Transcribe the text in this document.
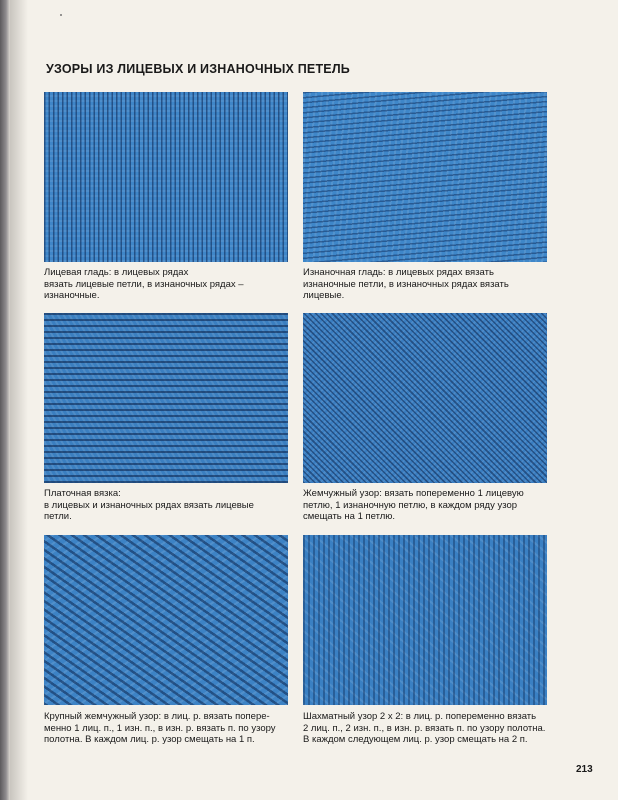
УЗОРЫ ИЗ ЛИЦЕВЫХ И ИЗНАНОЧНЫХ ПЕТЕЛЬ

Лицевая гладь: в лицевых рядах
вязать лицевые петли, в изнаночных рядах –
изнаночные.

Изнаночная гладь: в лицевых рядах вязать
изнаночные петли, в изнаночных рядах вязать
лицевые.

Платочная вязка:
в лицевых и изнаночных рядах вязать лицевые
петли.

Жемчужный узор: вязать попеременно 1 лицевую
петлю, 1 изнаночную петлю, в каждом ряду узор
смещать на 1 петлю.

Крупный жемчужный узор: в лиц. р. вязать попере-
менно 1 лиц. п., 1 изн. п., в изн. р. вязать п. по узору
полотна. В каждом лиц. р. узор смещать на 1 п.

Шахматный узор 2 х 2: в лиц. р. попеременно вязать
2 лиц. п., 2 изн. п., в изн. р. вязать п. по узору полотна.
В каждом следующем лиц. р. узор смещать на 2 п.

213
